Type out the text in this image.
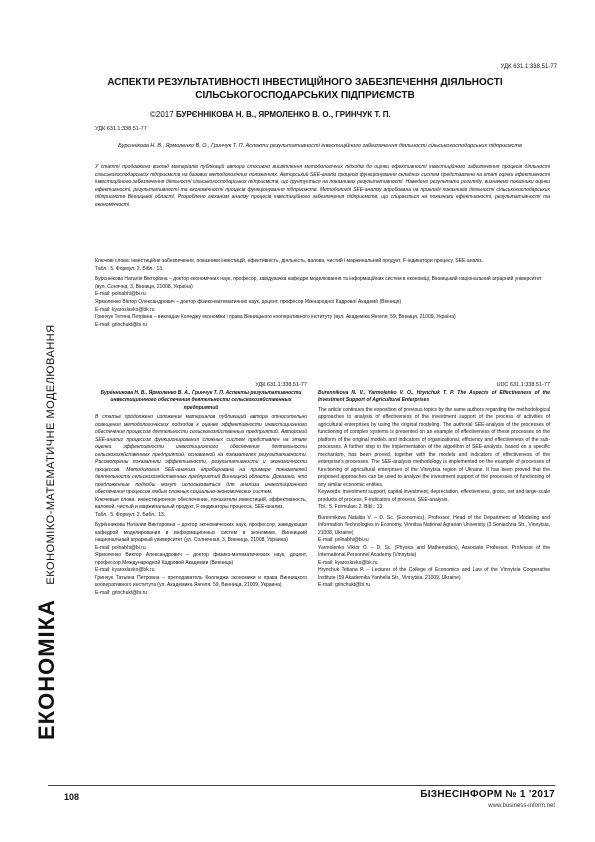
ЕКОНОМІКА ЕКОНОМІКО-МАТЕМАТИЧНЕ МОДЕЛЮВАННЯ
УДК 631.1:338.51-77
АСПЕКТИ РЕЗУЛЬТАТИВНОСТІ ІНВЕСТИЦІЙНОГО ЗАБЕЗПЕЧЕННЯ ДІЯЛЬНОСТІ
СІЛЬСЬКОГОСПОДАРСЬКИХ ПІДПРИЄМСТВ
©2017 БУРЄННІКОВА Н. В., ЯРМОЛЕНКО В. О., ГРИНЧУК Т. П.
УДК 631.1:338.51-77
Бурєннікова Н. В., Ярмоленко В. О., Гринчук Т. П. Аспекти результативності інвестиційного забезпечення діяльності сільськогосподарських підприємств
У статті продовжено виклад матеріалів публікацій автора стосовно висвітлення методологічних підходів до оцінки ефективності інвестиційного забезпечення процесів діяльності сільськогосподарських підприємств на базових методологічних положеннях. Авторський SEE-аналіз процесів функціонування складних систем представлено на етапі оцінки ефективності інвестиційного забезпечення діяльності сільськогосподарських підприємств, що ґрунтується на показниках результативності. Наведено результати розгляду, визначено показники оцінки ефективності, результативності та економічності процесів функціонування підприємств. Методологія SEE-аналізу апробована на прикладі показників діяльності сільськогосподарських підприємств Вінницької області. Розроблено механізм аналізу процесів інвестиційного забезпечення підприємств, що спирається на показники ефективності, результативності та економічності.
Ключові слова: інвестиційне забезпечення, показники інвестицій, ефективність, діяльність, валова, чистий і маржинальний продукт, F-індикатори процесу, SEE-аналіз.
Табл.: 5. Формул: 2. Бібл.: 13.
Бурєннікова Наталія Вікторівна – доктор економічних наук, професор, завідувачка кафедри моделювання та інформаційних систем в економіці, Вінницький національний аграрний університет (вул. Сонячна, 3, Вінниця, 21008, Україна)
E-mail: polnabhi@bi.ru
Ярмоленко Віктор Олександрович – доктор фізико-математичних наук, доцент, професор Міжнародної Кадрової Академії (Вінниця)
E-mail: kyaroslavko@bk.ru
Гринчук Тетяна Петрівна – викладач Коледжу економіки і права Вінницького кооперативного інституту (вул. Академіка Янгеля, 59, Вінниця, 21009, Україна)
E-mail: grinchukt@bi.ru
УДК 631.1:338.51-77

Бурённикова Н. В., Ярмоленко В. А., Гринчук Т. П. Аспекты результативности инвестиционного обеспечения деятельности сельскохозяйственных предприятий

В статье продолжено изложение материалов публикаций автора относительно освещения методологических подходов к оценке эффективности инвестиционного обеспечения процессов деятельности сельскохозяйственных предприятий. Авторский SEE-анализ процессов функционирования сложных систем представлен на этапе оценки эффективности инвестиционного обеспечения деятельности сельскохозяйственных предприятий, основанной на показателях результативности. Рассмотрены показатели эффективности, результативности и экономичности процессов. Методология SEE-анализа апробирована на примере показателей деятельности сельскохозяйственных предприятий Винницкой области. Доказано, что предложенные подходы могут использоваться для анализа инвестиционного обеспечения процессов любых сложных социально-экономических систем.

Ключевые слова: инвестиционное обеспечение, показатели инвестиций, эффективность, валовой, чистый и маржинальный продукт, F-индикаторы процесса, SEE-анализ.

Табл.: 5. Формул: 2. Библ.: 13.

Бурённикова Наталия Викторовна – доктор экономических наук, профессор, заведующая кафедрой моделирования и информационных систем в экономике, Винницкий национальный аграрный университет (ул. Солнечная, 3, Винница, 21008, Украина)

E-mail: polnabhi@bi.ru

Ярмоленко Виктор Александрович – доктор физико-математических наук, доцент, профессор Международной Кадровой Академии (Винница)

E-mail: kyaroslavko@bk.ru

Гринчук Татьяна Петровна – преподаватель Колледжа экономики и права Винницкого кооперативного института (ул. Академика Янгеля, 59, Винница, 21009, Украина)

E-mail: grinchukt@bi.ru

UDC 631.1:338.51-77

Burennikova N. V., Yarmolenko V. O., Hrynchuk T. P. The Aspects of Effectiveness of the Investment Support of Agricultural Enterprises

The article continues the exposition of previous topics by the same authors regarding the methodological approaches to analysis of effectiveness of the investment support of the process of activities of agricultural enterprises by using the original modeling. The authorial SEE-analysis of the processes of functioning of complex systems is presented on an example of effectiveness of these processes on the platform of the original models and indicators of organizational, efficiency and effectiveness of the sub-processes. A further step in the implementation of the algorithm of SEE-analysis, based on a specific mechanism, has been proved, together with the models and indicators of effectiveness of the enterprise's processes. The SEE-analysis methodology is implemented on the example of processes of functioning of agricultural enterprises of the Vinnytsia region of Ukraine. It has been proved that the proposed approaches can be used to analyze the investment support of the processes of functioning of any similar economic entities.

Keywords: investment support, capital investment, depreciation, effectiveness, gross, net and large-scale products of process, F-indicators of process, SEE-analysis.

Tbl.: 5. Formulae: 2. Bibl.: 13.

Burennikova Nataliia V. – D. Sc. (Economics), Professor, Head of the Department of Modeling and Information Technologies in Economy, Vinnitsa National Agrarian University (3 Soniachna Str., Vinnytsia, 21008, Ukraine)

E-mail: polnabhi@bi.ru

Yarmolenko Viktor O. – D. Sc. (Physics and Mathematics), Associate Professor, Professor of the International Personnel Academy (Vinnytsia)

E-mail: kyaroslavko@bk.ru

Hrynchuk Tetiana P. – Lecturer of the College of Economics and Law of the Vinnytsia Cooperative Institute (59 Akademika Yanhelia Str., Vinnytsia, 21009, Ukraine)

E-mail: grinchukt@bi.ru

108	БІЗНЕСІНФОРМ № 1 '2017
www.business-inform.net
